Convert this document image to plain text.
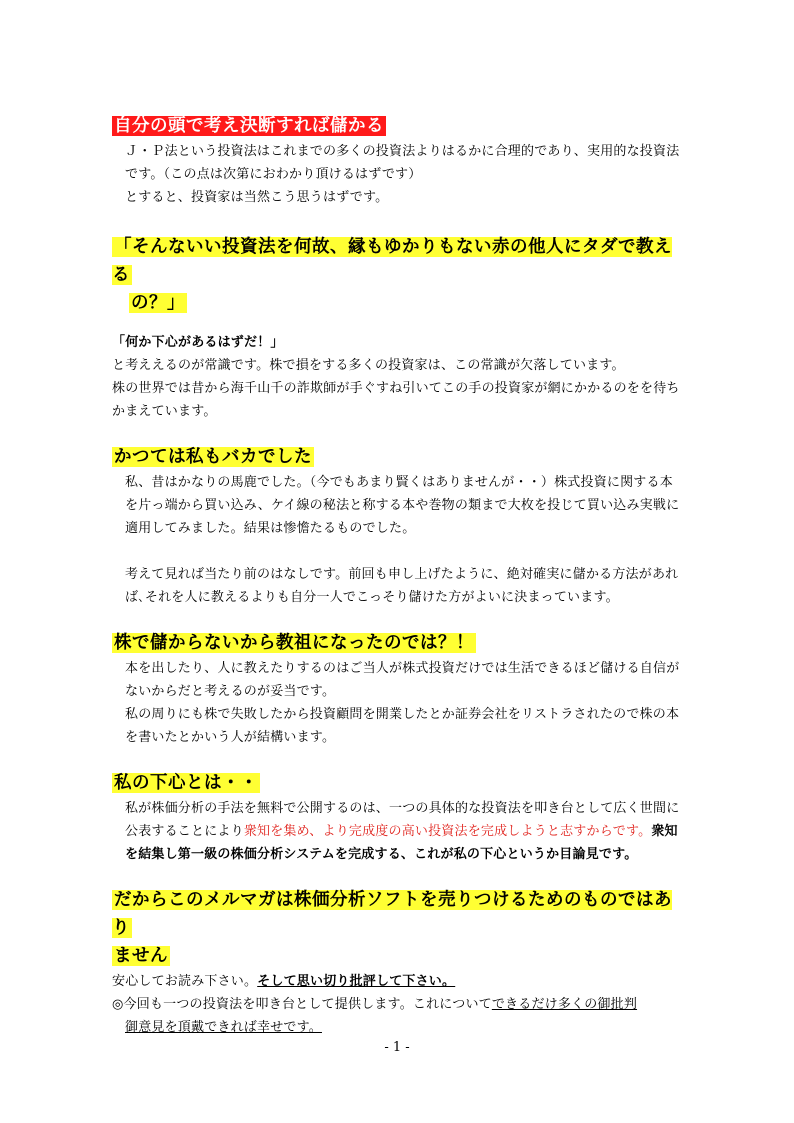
自分の頭で考え決断すれば儲かる

Ｊ・Ｐ法という投資法はこれまでの多くの投資法よりはるかに合理的であり、実用的な投資法です。（この点は次第におわかり頂けるはずです）

とすると、投資家は当然こう思うはずです。

「そんないい投資法を何故、縁もゆかりもない赤の他人にタダで教える
の？」

「何か下心があるはずだ！」

と考ええるのが常識です。株で損をする多くの投資家は、この常識が欠落しています。

株の世界では昔から海千山千の詐欺師が手ぐすね引いてこの手の投資家が網にかかるのをを待ちかまえています。

かつては私もバカでした

私、昔はかなりの馬鹿でした。（今でもあまり賢くはありませんが・・）株式投資に関する本を片っ端から買い込み、ケイ線の秘法と称する本や巻物の類まで大枚を投じて買い込み実戦に適用してみました。結果は惨憺たるものでした。

考えて見れば当たり前のはなしです。前回も申し上げたように、絶対確実に儲かる方法があれば､それを人に教えるよりも自分一人でこっそり儲けた方がよいに決まっています。

株で儲からないから教祖になったのでは？！

本を出したり、人に教えたりするのはご当人が株式投資だけでは生活できるほど儲ける自信がないからだと考えるのが妥当です。

私の周りにも株で失敗したから投資顧問を開業したとか証券会社をリストラされたので株の本を書いたとかいう人が結構います。

私の下心とは・・

私が株価分析の手法を無料で公開するのは、一つの具体的な投資法を叩き台として広く世間に公表することにより衆知を集め、より完成度の高い投資法を完成しようと志すからです。衆知を結集し第一級の株価分析システムを完成する、これが私の下心というか目論見です。

だからこのメルマガは株価分析ソフトを売りつけるためのものではあり
ません

安心してお読み下さい。そして思い切り批評して下さい。

◎今回も一つの投資法を叩き台として提供します。これについてできるだけ多くの御批判
御意見を頂戴できれば幸せです。

- 1 -
